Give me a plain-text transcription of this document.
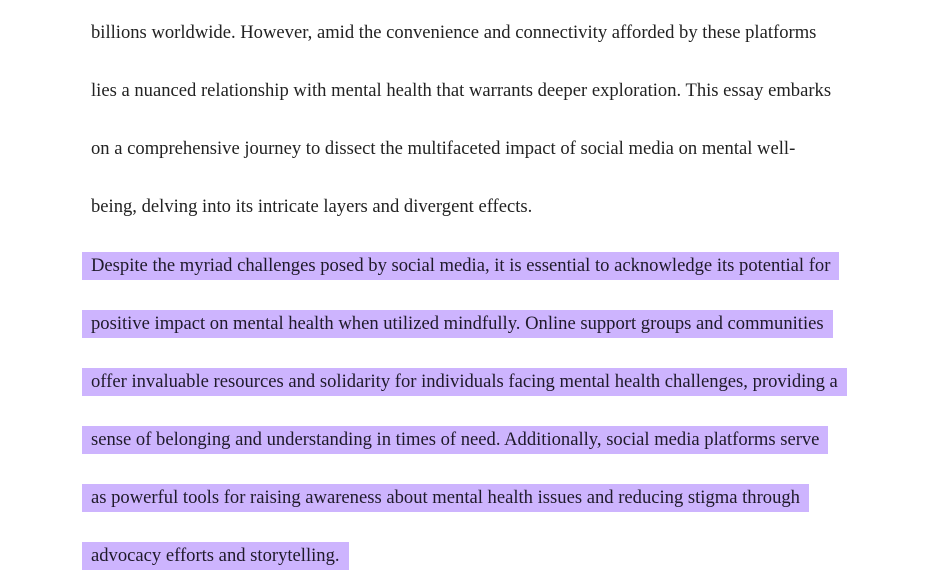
billions worldwide. However, amid the convenience and connectivity afforded by these platforms
lies a nuanced relationship with mental health that warrants deeper exploration. This essay embarks
on a comprehensive journey to dissect the multifaceted impact of social media on mental well-
being, delving into its intricate layers and divergent effects.
Despite the myriad challenges posed by social media, it is essential to acknowledge its potential for
positive impact on mental health when utilized mindfully. Online support groups and communities
offer invaluable resources and solidarity for individuals facing mental health challenges, providing a
sense of belonging and understanding in times of need. Additionally, social media platforms serve
as powerful tools for raising awareness about mental health issues and reducing stigma through
advocacy efforts and storytelling.
